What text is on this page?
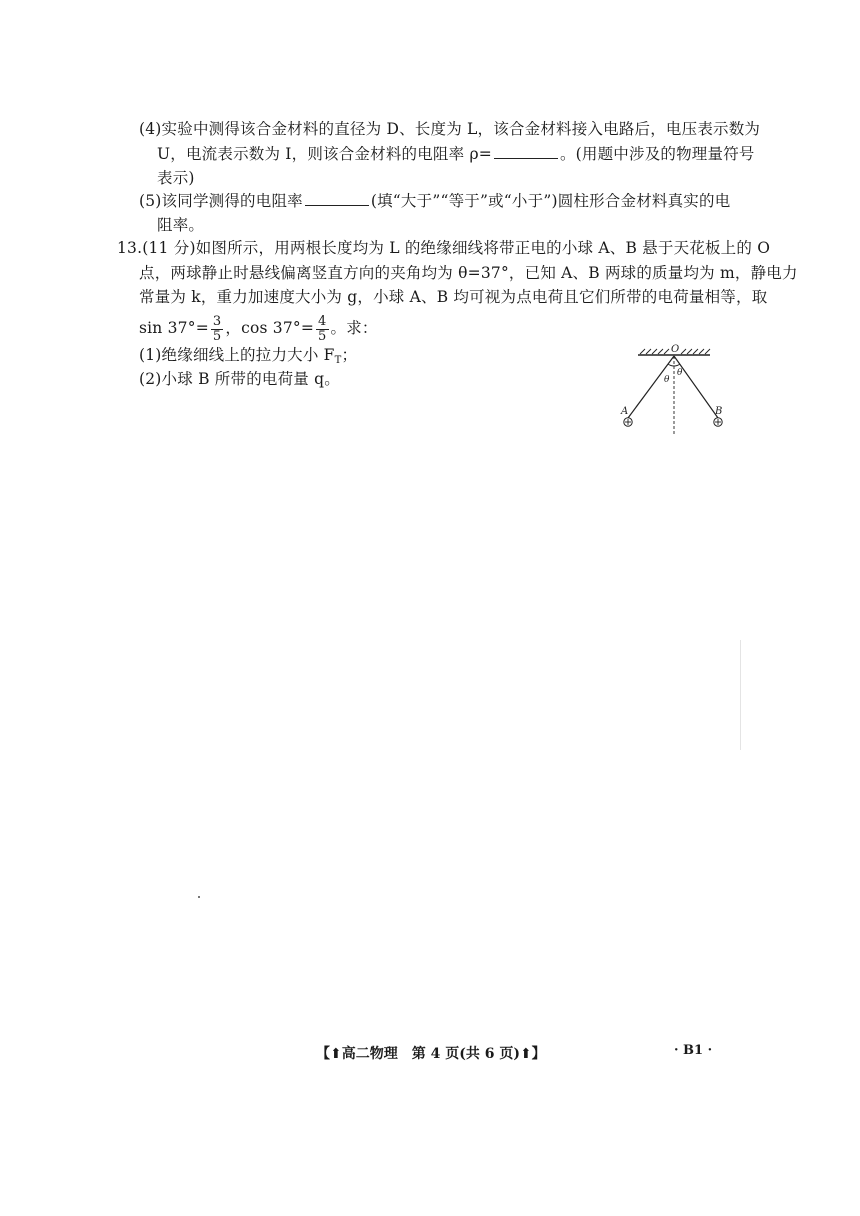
(4)实验中测得该合金材料的直径为 D、长度为 L，该合金材料接入电路后，电压表示数为
U，电流表示数为 I，则该合金材料的电阻率 ρ=	。(用题中涉及的物理量符号
表示)
(5)该同学测得的电阻率	(填“大于”“等于”或“小于”)圆柱形合金材料真实的电
阻率。
13.(11 分)如图所示，用两根长度均为 L 的绝缘细线将带正电的小球 A、B 悬于天花板上的 O
点，两球静止时悬线偏离竖直方向的夹角均为 θ=37°，已知 A、B 两球的质量均为 m，静电力
常量为 k，重力加速度大小为 g，小球 A、B 均可视为点电荷且它们所带的电荷量相等，取
$\sin 37^\circ= \frac{3}{5}$ ，$\cos 37^\circ= \frac{4}{5}$ 。求：
(1)绝缘细线上的拉力大小 $F_T$；
(2)小球 B 所带的电荷量 q。
O
θ
θ
A	B
【⬆高二物理　第 4 页(共 6 页)⬆】	· B1 ·
